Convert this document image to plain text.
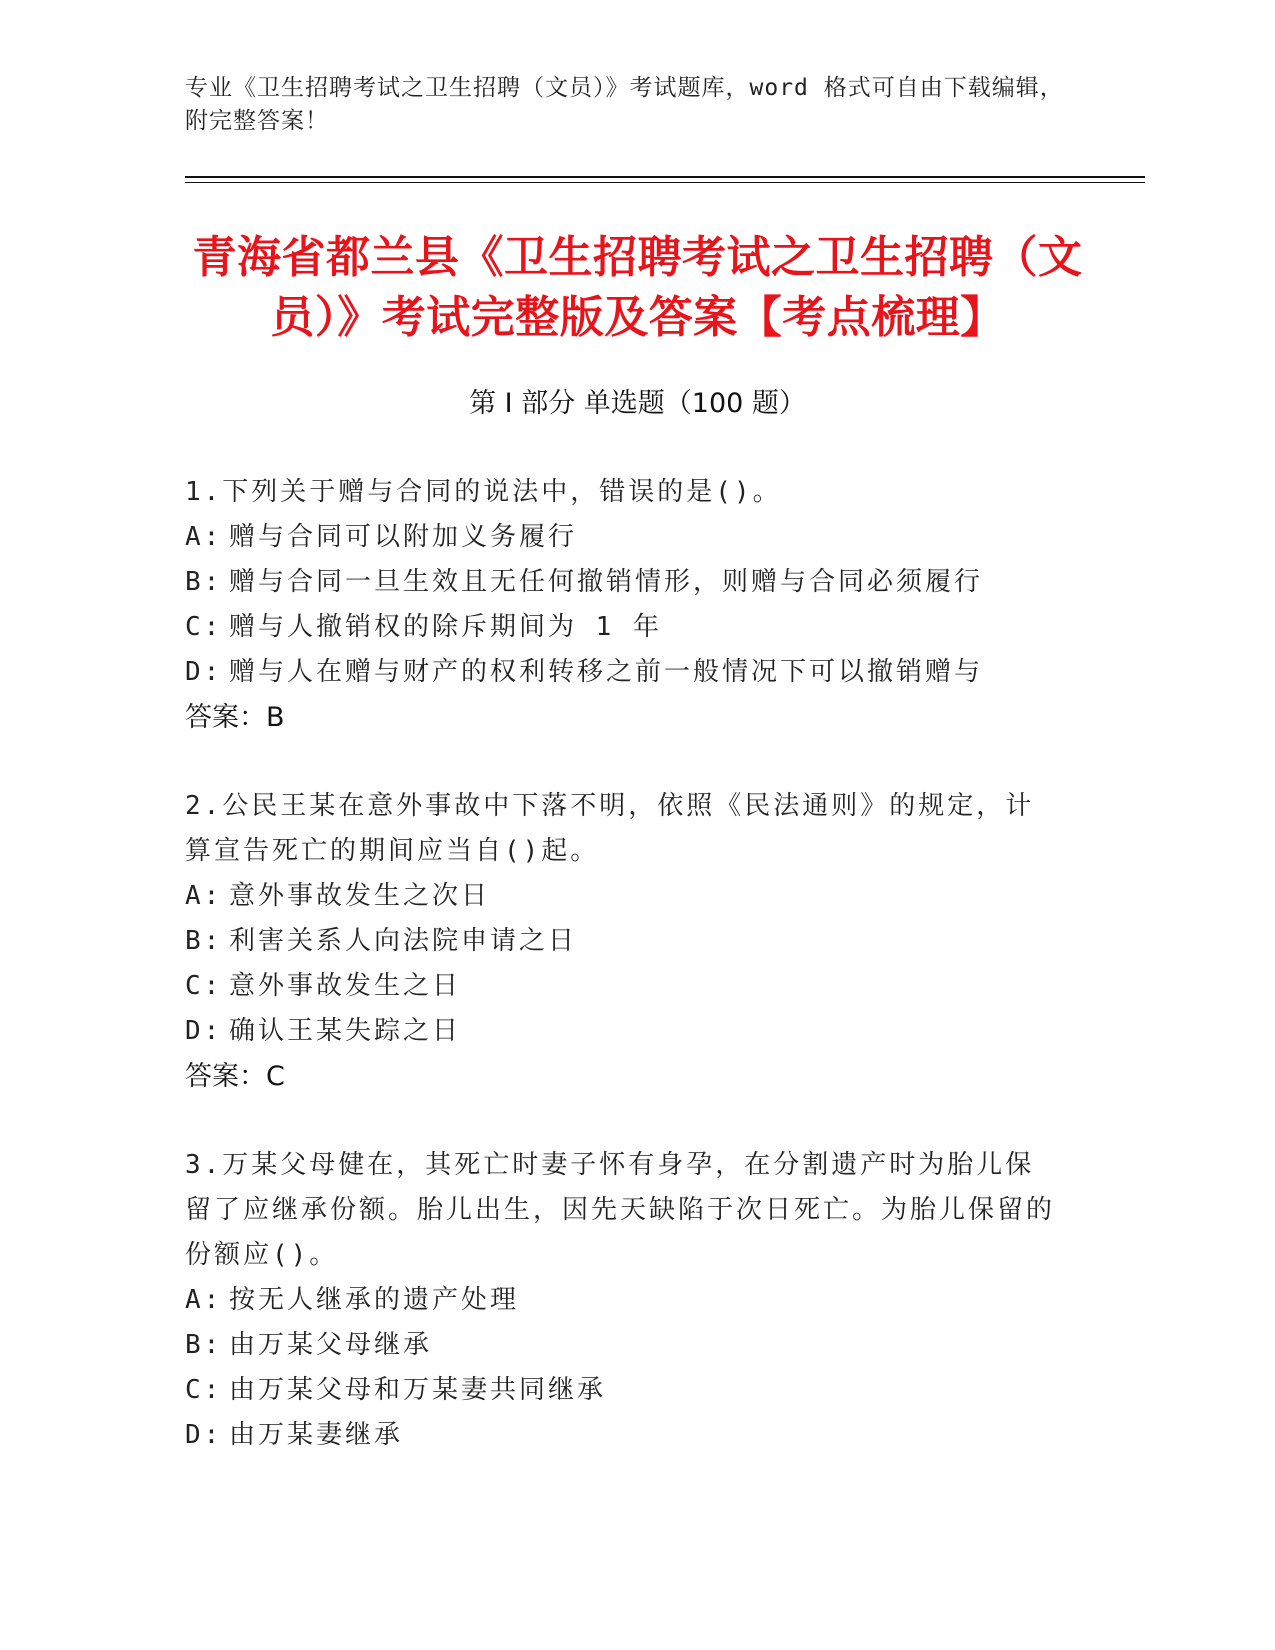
专业《卫生招聘考试之卫生招聘（文员）》考试题库，word 格式可自由下载编辑，附完整答案！
青海省都兰县《卫生招聘考试之卫生招聘（文员）》考试完整版及答案【考点梳理】
第 I 部分 单选题（100 题）
1.下列关于赠与合同的说法中，错误的是()。
A: 赠与合同可以附加义务履行
B: 赠与合同一旦生效且无任何撤销情形，则赠与合同必须履行
C: 赠与人撤销权的除斥期间为 1 年
D: 赠与人在赠与财产的权利转移之前一般情况下可以撤销赠与
答案：B
2.公民王某在意外事故中下落不明，依照《民法通则》的规定，计算宣告死亡的期间应当自()起。
A: 意外事故发生之次日
B: 利害关系人向法院申请之日
C: 意外事故发生之日
D: 确认王某失踪之日
答案：C
3.万某父母健在，其死亡时妻子怀有身孕，在分割遗产时为胎儿保留了应继承份额。胎儿出生，因先天缺陷于次日死亡。为胎儿保留的份额应()。
A: 按无人继承的遗产处理
B: 由万某父母继承
C: 由万某父母和万某妻共同继承
D: 由万某妻继承
